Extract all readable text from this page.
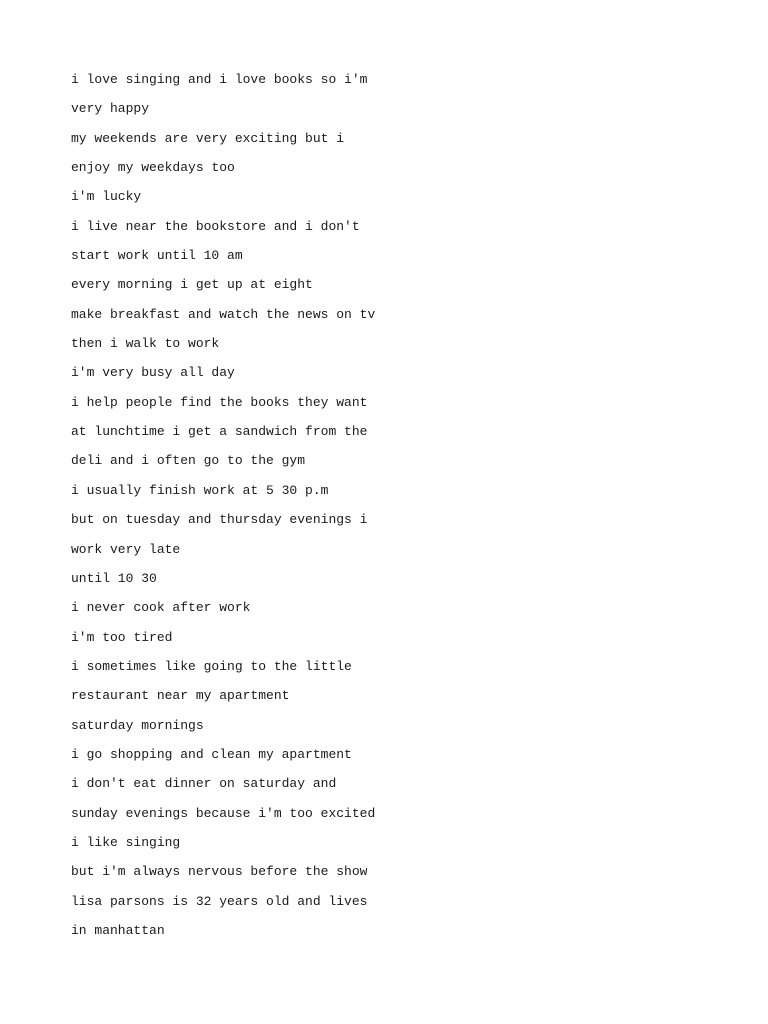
i love singing and i love books so i'm
very happy
my weekends are very exciting but i
enjoy my weekdays too
i'm lucky
i live near the bookstore and i don't
start work until 10 am
every morning i get up at eight
make breakfast and watch the news on tv
then i walk to work
i'm very busy all day
i help people find the books they want
at lunchtime i get a sandwich from the
deli and i often go to the gym
i usually finish work at 5 30 p.m
but on tuesday and thursday evenings i
work very late
until 10 30
i never cook after work
i'm too tired
i sometimes like going to the little
restaurant near my apartment
saturday mornings
i go shopping and clean my apartment
i don't eat dinner on saturday and
sunday evenings because i'm too excited
i like singing
but i'm always nervous before the show
lisa parsons is 32 years old and lives
in manhattan
